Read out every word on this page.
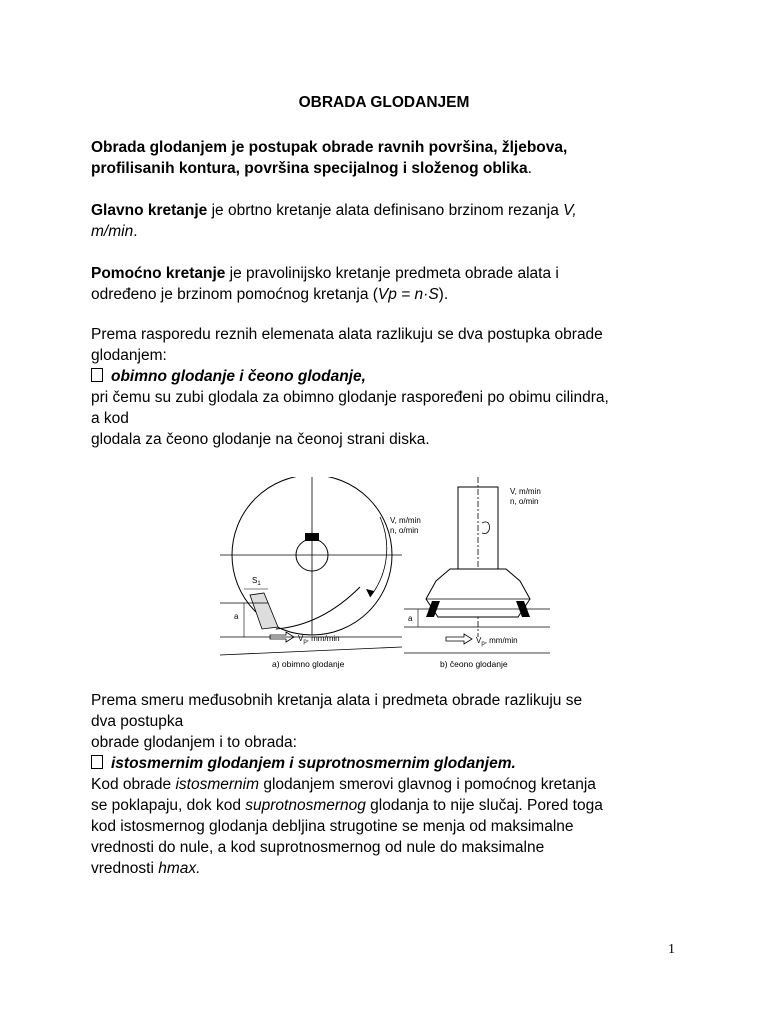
OBRADA GLODANJEM
Obrada glodanjem je postupak obrade ravnih površina, žljebova,
profilisanih kontura, površina specijalnog i složenog oblika.
Glavno kretanje je obrtno kretanje alata definisano brzinom rezanja V,
m/min.
Pomoćno kretanje je pravolinijsko kretanje predmeta obrade alata i
određeno je brzinom pomoćnog kretanja (Vp = n·S).
Prema rasporedu reznih elemenata alata razlikuju se dva postupka obrade
glodanjem:
obimno glodanje i čeono glodanje,
pri čemu su zubi glodala za obimno glodanje raspoređeni po obimu cilindra,
a kod
glodala za čeono glodanje na čeonoj strani diska.
V, m/min
n, o/min
$S_1$
a
$V_p$, mm/min
a) obimno glodanje
V, m/min
n, o/min
a
$V_p$, mm/min
b) čeono glodanje
Prema smeru međusobnih kretanja alata i predmeta obrade razlikuju se
dva postupka
obrade glodanjem i to obrada:
istosmernim glodanjem i suprotnosmernim glodanjem.
Kod obrade istosmernim glodanjem smerovi glavnog i pomoćnog kretanja
se poklapaju, dok kod suprotnosmernog glodanja to nije slučaj. Pored toga
kod istosmernog glodanja debljina strugotine se menja od maksimalne
vrednosti do nule, a kod suprotnosmernog od nule do maksimalne
vrednosti hmax.
1
